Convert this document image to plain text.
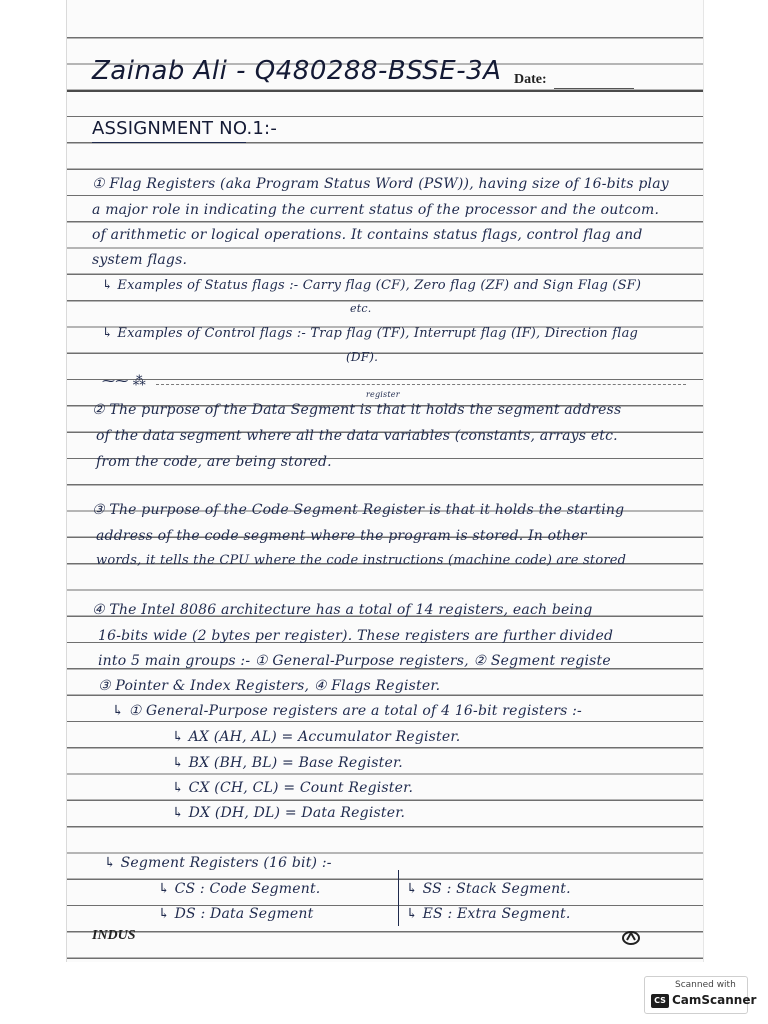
Zainab Ali - Q480288-BSSE-3A Date:
ASSIGNMENT NO.1:-
① Flag Registers (aka Program Status Word (PSW)), having size of 16-bits play
a major role in indicating the current status of the processor and the outcom.
of arithmetic or logical operations. It contains status flags, control flag and
system flags.
↳ Examples of Status flags :- Carry flag (CF), Zero flag (ZF) and Sign Flag (SF)
etc.
↳ Examples of Control flags :- Trap flag (TF), Interrupt flag (IF), Direction flag
(DF).
⁓⁓ ⁂
register
② The purpose of the Data Segment is that it holds the segment address
of the data segment where all the data variables (constants, arrays etc.
from the code, are being stored.
③ The purpose of the Code Segment Register is that it holds the starting
address of the code segment where the program is stored. In other
words, it tells the CPU where the code instructions (machine code) are stored
④ The Intel 8086 architecture has a total of 14 registers, each being
16-bits wide (2 bytes per register). These registers are further divided
into 5 main groups :- ① General-Purpose registers, ② Segment registe
③ Pointer & Index Registers, ④ Flags Register.
↳ ① General-Purpose registers are a total of 4 16-bit registers :-
↳ AX (AH, AL) = Accumulator Register.
↳ BX (BH, BL) = Base Register.
↳ CX (CH, CL) = Count Register.
↳ DX (DH, DL) = Data Register.
↳ Segment Registers (16 bit) :-
↳ CS : Code Segment.	↳ SS : Stack Segment.
↳ DS : Data Segment	↳ ES : Extra Segment.
INDUS
Scanned with
CS CamScanner
